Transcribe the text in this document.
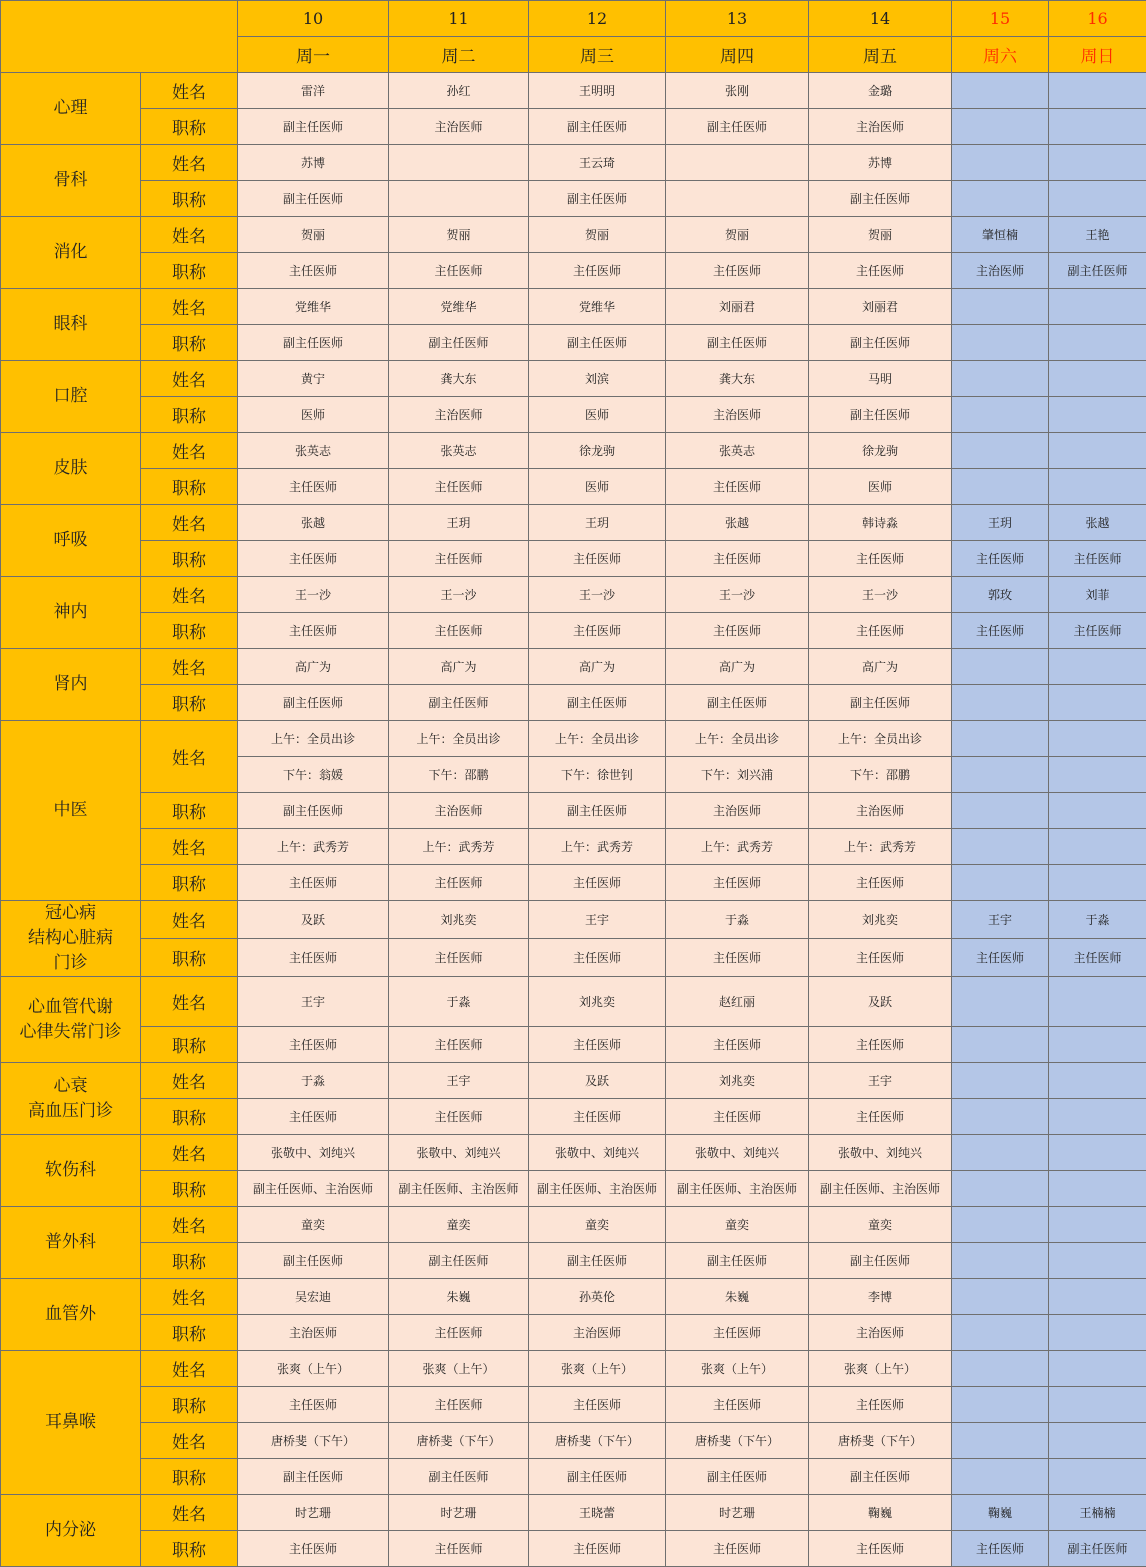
		10	11	12	13	14	15	16
		周一	周二	周三	周四	周五	周六	周日
心理	姓名	雷洋	孙红	王明明	张刚	金璐		
	职称	副主任医师	主治医师	副主任医师	副主任医师	主治医师		
骨科	姓名	苏博		王云琦		苏博		
	职称	副主任医师		副主任医师		副主任医师		
消化	姓名	贺丽	贺丽	贺丽	贺丽	贺丽	肇恒楠	王艳
	职称	主任医师	主任医师	主任医师	主任医师	主任医师	主治医师	副主任医师
眼科	姓名	党维华	党维华	党维华	刘丽君	刘丽君		
	职称	副主任医师	副主任医师	副主任医师	副主任医师	副主任医师		
口腔	姓名	黄宁	龚大东	刘滨	龚大东	马明		
	职称	医师	主治医师	医师	主治医师	副主任医师		
皮肤	姓名	张英志	张英志	徐龙驹	张英志	徐龙驹		
	职称	主任医师	主任医师	医师	主任医师	医师		
呼吸	姓名	张越	王玥	王玥	张越	韩诗淼	王玥	张越
	职称	主任医师	主任医师	主任医师	主任医师	主任医师	主任医师	主任医师
神内	姓名	王一沙	王一沙	王一沙	王一沙	王一沙	郭玫	刘菲
	职称	主任医师	主任医师	主任医师	主任医师	主任医师	主任医师	主任医师
肾内	姓名	高广为	高广为	高广为	高广为	高广为		
	职称	副主任医师	副主任医师	副主任医师	副主任医师	副主任医师		
中医	姓名	上午：全员出诊	上午：全员出诊	上午：全员出诊	上午：全员出诊	上午：全员出诊		
		下午：翁媛	下午：邵鹏	下午：徐世钊	下午：刘兴浦	下午：邵鹏		
	职称	副主任医师	主治医师	副主任医师	主治医师	主治医师		
	姓名	上午：武秀芳	上午：武秀芳	上午：武秀芳	上午：武秀芳	上午：武秀芳		
	职称	主任医师	主任医师	主任医师	主任医师	主任医师		
冠心病
结构心脏病
门诊	姓名	及跃	刘兆奕	王宇	于淼	刘兆奕	王宇	于淼
	职称	主任医师	主任医师	主任医师	主任医师	主任医师	主任医师	主任医师
心血管代谢
心律失常门诊	姓名	王宇	于淼	刘兆奕	赵红丽	及跃		
	职称	主任医师	主任医师	主任医师	主任医师	主任医师		
心衰
高血压门诊	姓名	于淼	王宇	及跃	刘兆奕	王宇		
	职称	主任医师	主任医师	主任医师	主任医师	主任医师		
软伤科	姓名	张敬中、刘纯兴	张敬中、刘纯兴	张敬中、刘纯兴	张敬中、刘纯兴	张敬中、刘纯兴		
	职称	副主任医师、主治医师	副主任医师、主治医师	副主任医师、主治医师	副主任医师、主治医师	副主任医师、主治医师		
普外科	姓名	童奕	童奕	童奕	童奕	童奕		
	职称	副主任医师	副主任医师	副主任医师	副主任医师	副主任医师		
血管外	姓名	吴宏迪	朱巍	孙英伦	朱巍	李博		
	职称	主治医师	主任医师	主治医师	主任医师	主治医师		
耳鼻喉	姓名	张爽（上午）	张爽（上午）	张爽（上午）	张爽（上午）	张爽（上午）		
	职称	主任医师	主任医师	主任医师	主任医师	主任医师		
	姓名	唐桥斐（下午）	唐桥斐（下午）	唐桥斐（下午）	唐桥斐（下午）	唐桥斐（下午）		
	职称	副主任医师	副主任医师	副主任医师	副主任医师	副主任医师		
内分泌	姓名	时艺珊	时艺珊	王晓蕾	时艺珊	鞠巍	鞠巍	王楠楠
	职称	主任医师	主任医师	主任医师	主任医师	主任医师	主任医师	副主任医师
